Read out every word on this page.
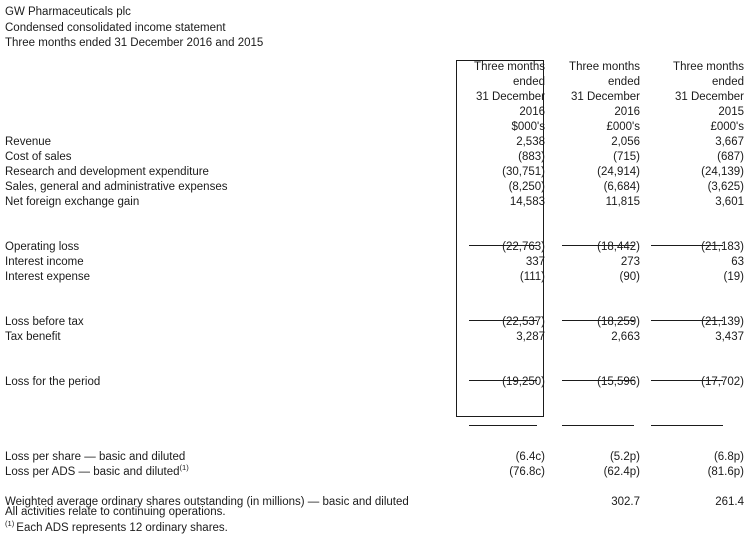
GW Pharmaceuticals plc
Condensed consolidated income statement
Three months ended 31 December 2016 and 2015
	Three months	Three months	Three months
	ended	ended	ended
	31 December	31 December	31 December
	2016	2016	2015
	$000's	£000's	£000's
Revenue	2,538	2,056	3,667
Cost of sales	(883)	(715)	(687)
Research and development expenditure	(30,751)	(24,914)	(24,139)
Sales, general and administrative expenses	(8,250)	(6,684)	(3,625)
Net foreign exchange gain	14,583	11,815	3,601

Operating loss	(22,763)	(18,442)	(21,183)
Interest income	337	273	63
Interest expense	(111)	(90)	(19)

Loss before tax	(22,537)	(18,259)	(21,139)
Tax benefit	3,287	2,663	3,437

Loss for the period	(19,250)	(15,596)	(17,702)

Loss per share — basic and diluted	(6.4c)	(5.2p)	(6.8p)
Loss per ADS — basic and diluted$^{(1)}$	(76.8c)	(62.4p)	(81.6p)

Weighted average ordinary shares outstanding (in millions) — basic and diluted		302.7	261.4
All activities relate to continuing operations.
$^{(1)}$ Each ADS represents 12 ordinary shares.
